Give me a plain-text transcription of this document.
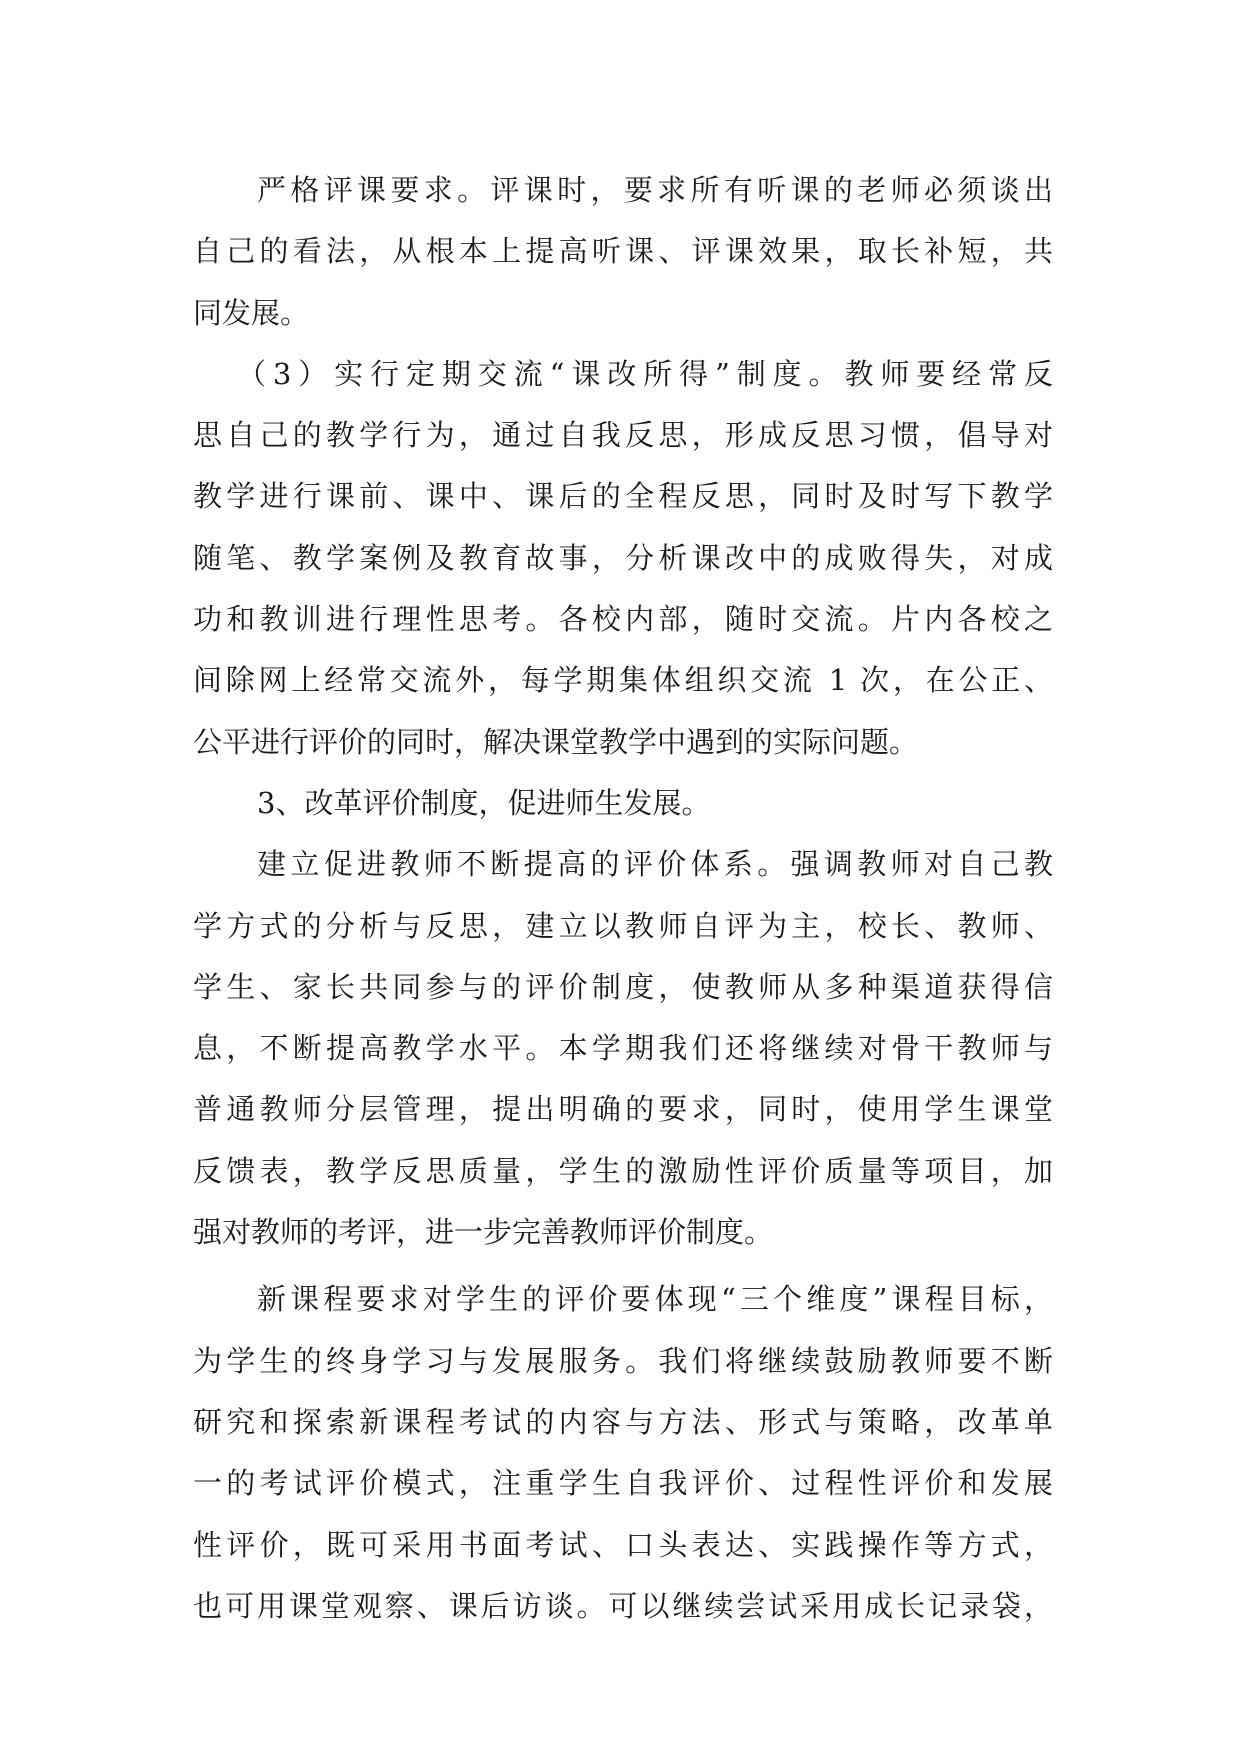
严格评课要求。评课时，要求所有听课的老师必须谈出
自己的看法，从根本上提高听课、评课效果，取长补短，共
同发展。
（3）实行定期交流“课改所得”制度。教师要经常反
思自己的教学行为，通过自我反思，形成反思习惯，倡导对
教学进行课前、课中、课后的全程反思，同时及时写下教学
随笔、教学案例及教育故事，分析课改中的成败得失，对成
功和教训进行理性思考。各校内部，随时交流。片内各校之
间除网上经常交流外，每学期集体组织交流 1 次，在公正、
公平进行评价的同时，解决课堂教学中遇到的实际问题。
3、改革评价制度，促进师生发展。
建立促进教师不断提高的评价体系。强调教师对自己教
学方式的分析与反思，建立以教师自评为主，校长、教师、
学生、家长共同参与的评价制度，使教师从多种渠道获得信
息，不断提高教学水平。本学期我们还将继续对骨干教师与
普通教师分层管理，提出明确的要求，同时，使用学生课堂
反馈表，教学反思质量，学生的激励性评价质量等项目，加
强对教师的考评，进一步完善教师评价制度。
新课程要求对学生的评价要体现“三个维度”课程目标，
为学生的终身学习与发展服务。我们将继续鼓励教师要不断
研究和探索新课程考试的内容与方法、形式与策略，改革单
一的考试评价模式，注重学生自我评价、过程性评价和发展
性评价，既可采用书面考试、口头表达、实践操作等方式，
也可用课堂观察、课后访谈。可以继续尝试采用成长记录袋，
